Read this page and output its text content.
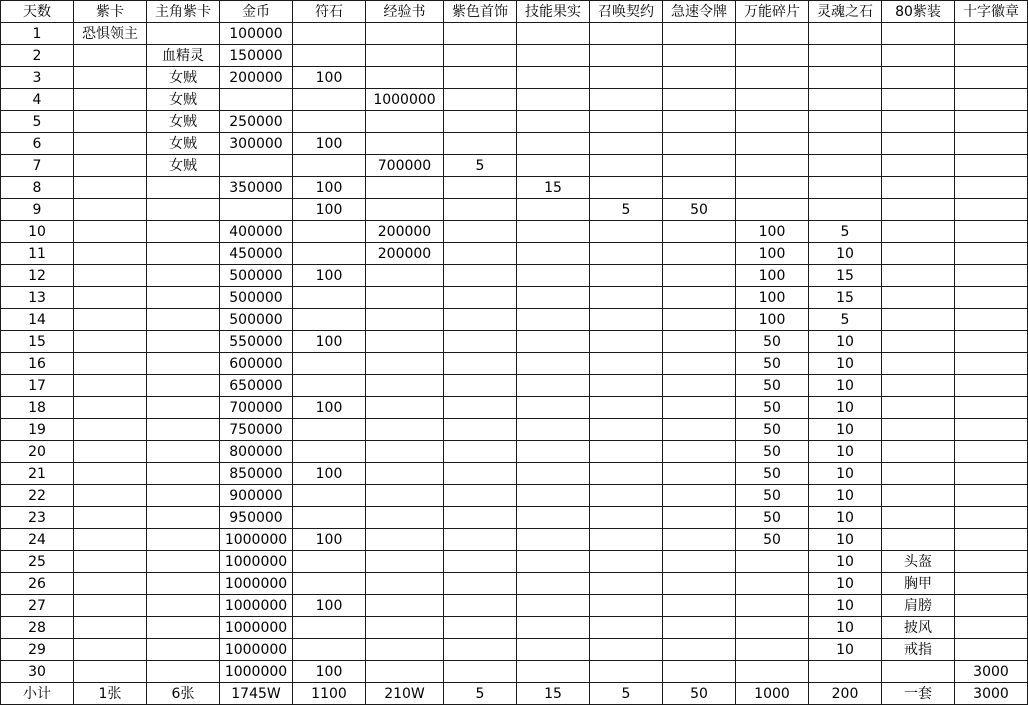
天数	紫卡	主角紫卡	金币	符石	经验书	紫色首饰	技能果实	召唤契约	急速令牌	万能碎片	灵魂之石	80紫装	十字徽章
1	恐惧领主		100000										
2		血精灵	150000										
3		女贼	200000	100									
4		女贼			1000000								
5		女贼	250000										
6		女贼	300000	100									
7		女贼			700000	5							
8			350000	100			15						
9				100				5	50				
10			400000		200000					100	5		
11			450000		200000					100	10		
12			500000	100						100	15		
13			500000							100	15		
14			500000							100	5		
15			550000	100						50	10		
16			600000							50	10		
17			650000							50	10		
18			700000	100						50	10		
19			750000							50	10		
20			800000							50	10		
21			850000	100						50	10		
22			900000							50	10		
23			950000							50	10		
24			1000000	100						50	10		
25			1000000								10	头盔	
26			1000000								10	胸甲	
27			1000000	100							10	肩膀	
28			1000000								10	披风	
29			1000000								10	戒指	
30			1000000	100									3000
小计	1张	6张	1745W	1100	210W	5	15	5	50	1000	200	一套	3000
